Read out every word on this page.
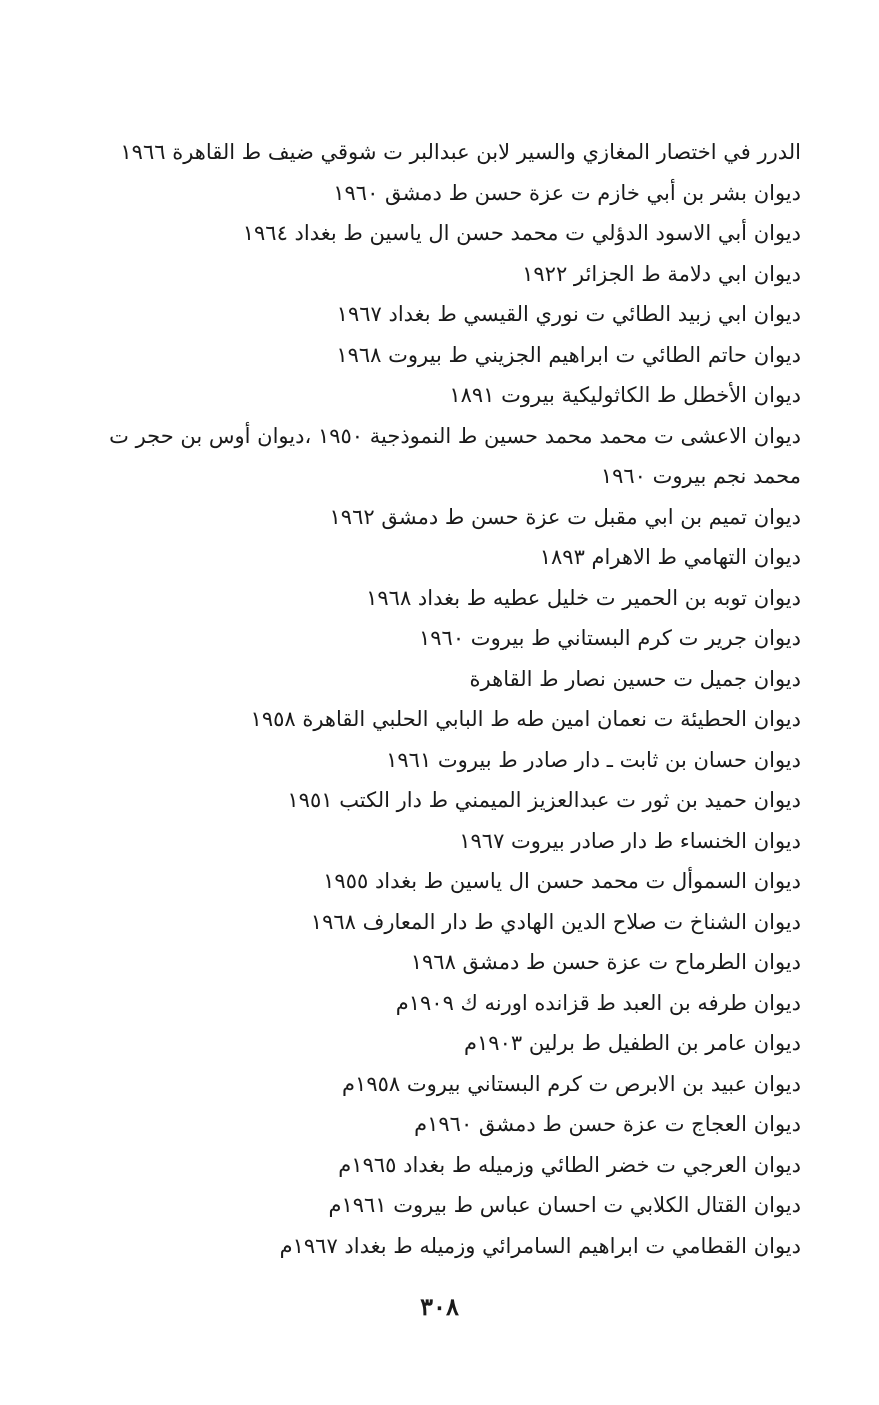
الدرر في اختصار المغازي والسير لابن عبدالبر ت شوقي ضيف ط القاهرة ١٩٦٦
ديوان بشر بن أبي خازم ت عزة حسن ط دمشق ١٩٦٠
ديوان أبي الاسود الدؤلي ت محمد حسن ال ياسين ط بغداد ١٩٦٤
ديوان ابي دلامة ط الجزائر ١٩٢٢
ديوان ابي زبيد الطائي ت نوري القيسي ط بغداد ١٩٦٧
ديوان حاتم الطائي ت ابراهيم الجزيني ط بيروت ١٩٦٨
ديوان الأخطل ط الكاثوليكية بيروت ١٨٩١
ديوان الاعشى ت محمد محمد حسين ط النموذجية ١٩٥٠ ،ديوان أوس بن حجر ت محمد نجم بيروت ١٩٦٠
ديوان تميم بن ابي مقبل ت عزة حسن ط دمشق ١٩٦٢
ديوان التهامي ط الاهرام ١٨٩٣
ديوان توبه بن الحمير ت خليل عطيه ط بغداد ١٩٦٨
ديوان جرير ت كرم البستاني ط بيروت ١٩٦٠
ديوان جميل ت حسين نصار ط القاهرة
ديوان الحطيئة ت نعمان امين طه ط البابي الحلبي القاهرة ١٩٥٨
ديوان حسان بن ثابت ـ دار صادر ط بيروت ١٩٦١
ديوان حميد بن ثور ت عبدالعزيز الميمني ط دار الكتب ١٩٥١
ديوان الخنساء ط دار صادر بيروت ١٩٦٧
ديوان السموأل ت محمد حسن ال ياسين ط بغداد ١٩٥٥
ديوان الشناخ ت صلاح الدين الهادي ط دار المعارف ١٩٦٨
ديوان الطرماح ت عزة حسن ط دمشق ١٩٦٨
ديوان طرفه بن العبد ط قزانده اورنه ك ١٩٠٩م
ديوان عامر بن الطفيل ط برلين ١٩٠٣م
ديوان عبيد بن الابرص ت كرم البستاني بيروت ١٩٥٨م
ديوان العجاج ت عزة حسن ط دمشق ١٩٦٠م
ديوان العرجي ت خضر الطائي وزميله ط بغداد ١٩٦٥م
ديوان القتال الكلابي ت احسان عباس ط بيروت ١٩٦١م
ديوان القطامي ت ابراهيم السامرائي وزميله ط بغداد ١٩٦٧م
٣٠٨
